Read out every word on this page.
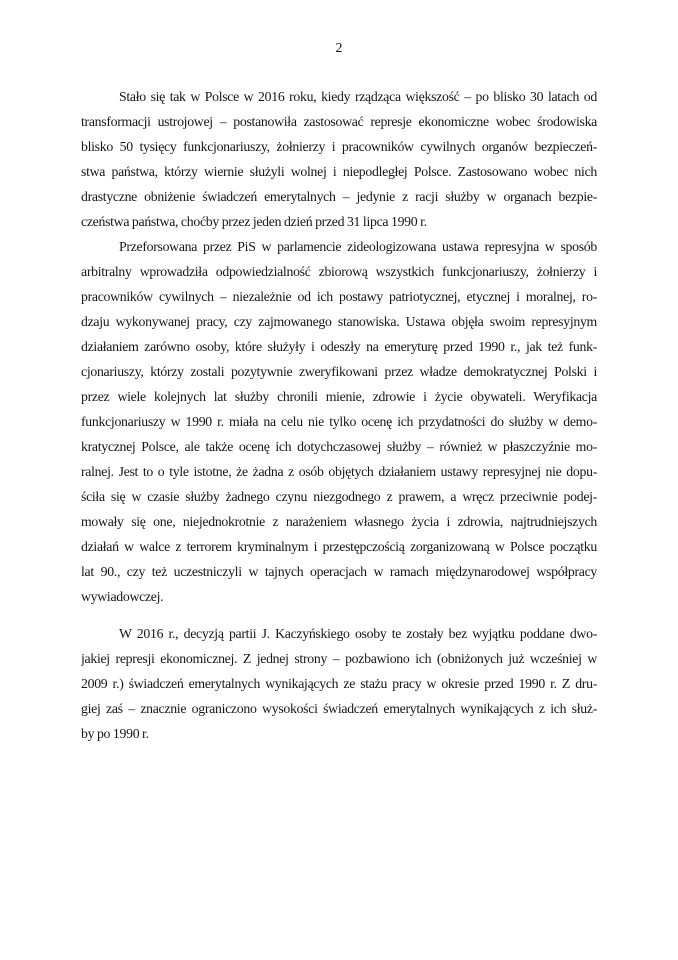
2
Stało się tak w Polsce w 2016 roku, kiedy rządząca większość – po blisko 30 latach od
transformacji ustrojowej – postanowiła zastosować represje ekonomiczne wobec środowiska
blisko 50 tysięcy funkcjonariuszy, żołnierzy i pracowników cywilnych organów bezpieczeń-
stwa państwa, którzy wiernie służyli wolnej i niepodległej Polsce. Zastosowano wobec nich
drastyczne obniżenie świadczeń emerytalnych – jedynie z racji służby w organach bezpie-
czeństwa państwa, choćby przez jeden dzień przed 31 lipca 1990 r.
Przeforsowana przez PiS w parlamencie zideologizowana ustawa represyjna w sposób
arbitralny wprowadziła odpowiedzialność zbiorową wszystkich funkcjonariuszy, żołnierzy i
pracowników cywilnych – niezależnie od ich postawy patriotycznej, etycznej i moralnej, ro-
dzaju wykonywanej pracy, czy zajmowanego stanowiska. Ustawa objęła swoim represyjnym
działaniem zarówno osoby, które służyły i odeszły na emeryturę przed 1990 r., jak też funk-
cjonariuszy, którzy zostali pozytywnie zweryfikowani przez władze demokratycznej Polski i
przez wiele kolejnych lat służby chronili mienie, zdrowie i życie obywateli. Weryfikacja
funkcjonariuszy w 1990 r. miała na celu nie tylko ocenę ich przydatności do służby w demo-
kratycznej Polsce, ale także ocenę ich dotychczasowej służby – również w płaszczyźnie mo-
ralnej. Jest to o tyle istotne, że żadna z osób objętych działaniem ustawy represyjnej nie dopu-
ściła się w czasie służby żadnego czynu niezgodnego z prawem, a wręcz przeciwnie podej-
mowały się one, niejednokrotnie z narażeniem własnego życia i zdrowia, najtrudniejszych
działań w walce z terrorem kryminalnym i przestępczością zorganizowaną w Polsce początku
lat 90., czy też uczestniczyli w tajnych operacjach w ramach międzynarodowej współpracy
wywiadowczej.
W 2016 r., decyzją partii J. Kaczyńskiego osoby te zostały bez wyjątku poddane dwo-
jakiej represji ekonomicznej. Z jednej strony – pozbawiono ich (obniżonych już wcześniej w
2009 r.) świadczeń emerytalnych wynikających ze stażu pracy w okresie przed 1990 r. Z dru-
giej zaś – znacznie ograniczono wysokości świadczeń emerytalnych wynikających z ich służ-
by po 1990 r.
